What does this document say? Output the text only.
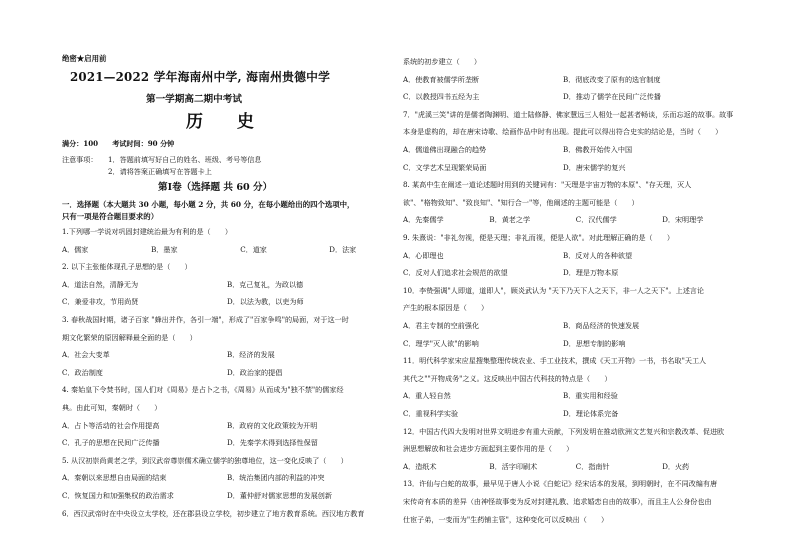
绝密★启用前
2021—2022 学年海南州中学, 海南州贵德中学
第一学期高二期中考试
历 史
满分：100　　考试时间：90 分钟
注意事项： 1．答题前填写好自己的姓名、班级、考号等信息
2．请将答案正确填写在答题卡上
第Ⅰ卷（选择题 共 60 分）
一．选择题（本大题共 30 小题，每小题 2 分，共 60 分，在每小题给出的四个选项中，
只有一项是符合题目要求的）
1.下列哪一学说对巩固封建统治最为有利的是（　　）
A．儒家	B．墨家	C．道家	D．法家
2. 以下主张能体现孔子思想的是（　　）
A．道法自然，清静无为	B．克己复礼，为政以德
C．兼爱非攻，节用尚贤	D．以法为教，以吏为师
3. 春秋战国时期，诸子百家 "蜂出并作，各引一端"，形成了"百家争鸣"的局面，对于这一时
期文化繁荣的原因解释最全面的是（　　）
A．社会大变革	B．经济的发展
C．政治制度	D．政治家的提倡
4. 秦始皇下令焚书时，国人们对《周易》是占卜之书，《周易》从而成为"独不禁"的儒家经
典。由此可知，秦朝时（　　）
A．占卜等活动的社会作用提高	B．政府的文化政策较为开明
C．孔子的思想在民间广泛传播	D．先秦学术得到选择性保留
5. 从汉初崇尚黄老之学，到汉武帝尊崇儒术确立儒学的独尊地位，这一变化反映了（　　）
A．秦朝以来思想自由局面的结束	B．统治集团内部的利益的冲突
C．恢复国力和加强集权的政治需求	D．董仲舒对儒家思想的发展创新
6．西汉武帝时在中央设立太学校，还在郡县设立学校，初步建立了地方教育系统。西汉地方教育
系统的初步建立（　　）
A．使教育被儒学所垄断	B．彻底改变了原有的选官制度
C．以教授四书五经为主	D．推动了儒学在民间广泛传播
7．"虎溪三笑"讲的是儒者陶渊明、道士陆修静、佛家慧远三人相处一起甚者畅谈，乐而忘返的故事。故事
本身是虚构的，却在唐宋诗歌、绘画作品中时有出现。提此可以得出符合史实的结论是，当时（　　）
A．儒道佛出现融合的趋势	B．佛教开始传入中国
C．文学艺术呈现繁荣局面	D．唐宋儒学的复兴
8. 某高中生在阐述一道论述题时用到的关键词有："天理是宇宙万物的本原"、"存天理，灭人
欲"、"格物致知"、"致良知"、"知行合一"等，他阐述的主题可能是（　　）
A．先秦儒学	B．黄老之学	C．汉代儒学	D．宋明理学
9. 朱熹说："非礼勿视，便是天理；非礼而视，便是人欲"。对此理解正确的是（　　）
A．心即理也	B．反对人的各种欲望
C．反对人们追求社会规范的欲望	D．理是万物本原
10．李贽强调"人即道，道即人"，顾炎武认为 "天下乃天下人之天下，非一人之天下"。上述言论
产生的根本原因是（　　）
A．君主专制的空前强化	B．商品经济的快速发展
C．理学"灭人欲"的影响	D．思想专制的影响
11．明代科学家宋应星搜集整理传统农业、手工业技术，撰成《天工开物》一书，书名取"天工人
其代之""开物成务"之义。这反映出中国古代科技的特点是（　　）
A．重人轻自然	B．重实用和经验
C．重视科学实验	D．理论体系完备
12．中国古代四大发明对世界文明进步有重大贡献，下列发明在推动欧洲文艺复兴和宗教改革、促进欧
洲思想解放和社会进步方面起到主要作用的是（　　）
A．造纸术	B．活字印刷术	C．指南针	D．火药
13．许仙与白蛇的故事，最早见于唐人小说《白蛇记》经宋话本的发展，到明朝时，在不同改编有唐
宋传奇有本质的差异（由神怪故事变为反对封建礼教、追求婚恋自由的故事），而且主人公身份也由
仕宦子弟，一变而为"生药铺主管"，这种变化可以反映出（　　）
